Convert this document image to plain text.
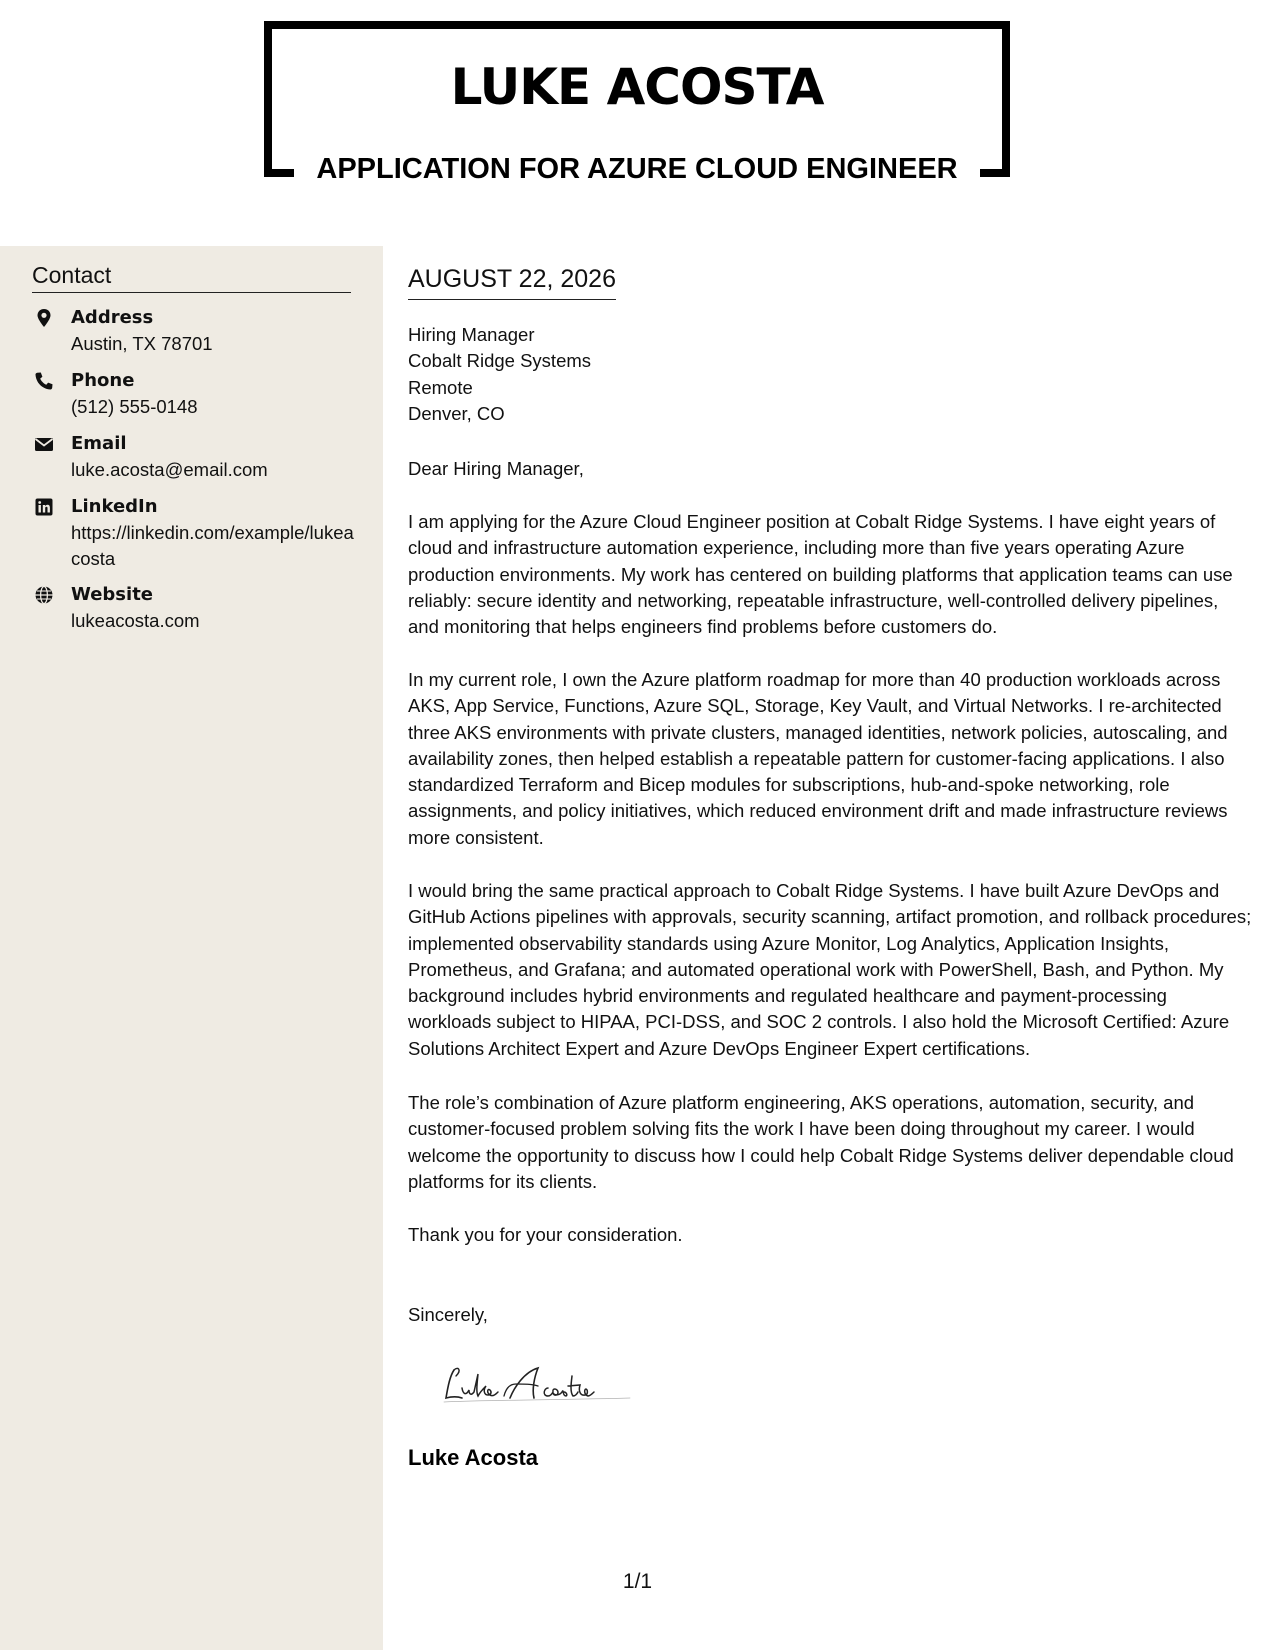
LUKE ACOSTA
APPLICATION FOR AZURE CLOUD ENGINEER
Contact
Address
Austin, TX 78701
Phone
(512) 555-0148
Email
luke.acosta@email.com
LinkedIn
https://linkedin.com/example/lukeacosta
Website
lukeacosta.com
AUGUST 22, 2026
Hiring Manager
Cobalt Ridge Systems
Remote
Denver, CO
Dear Hiring Manager,
I am applying for the Azure Cloud Engineer position at Cobalt Ridge Systems. I have eight years of cloud and infrastructure automation experience, including more than five years operating Azure production environments. My work has centered on building platforms that application teams can use reliably: secure identity and networking, repeatable infrastructure, well-controlled delivery pipelines, and monitoring that helps engineers find problems before customers do.
In my current role, I own the Azure platform roadmap for more than 40 production workloads across AKS, App Service, Functions, Azure SQL, Storage, Key Vault, and Virtual Networks. I re-architected three AKS environments with private clusters, managed identities, network policies, autoscaling, and availability zones, then helped establish a repeatable pattern for customer-facing applications. I also standardized Terraform and Bicep modules for subscriptions, hub-and-spoke networking, role assignments, and policy initiatives, which reduced environment drift and made infrastructure reviews more consistent.
I would bring the same practical approach to Cobalt Ridge Systems. I have built Azure DevOps and GitHub Actions pipelines with approvals, security scanning, artifact promotion, and rollback procedures; implemented observability standards using Azure Monitor, Log Analytics, Application Insights, Prometheus, and Grafana; and automated operational work with PowerShell, Bash, and Python. My background includes hybrid environments and regulated healthcare and payment-processing workloads subject to HIPAA, PCI-DSS, and SOC 2 controls. I also hold the Microsoft Certified: Azure Solutions Architect Expert and Azure DevOps Engineer Expert certifications.
The role’s combination of Azure platform engineering, AKS operations, automation, security, and customer-focused problem solving fits the work I have been doing throughout my career. I would welcome the opportunity to discuss how I could help Cobalt Ridge Systems deliver dependable cloud platforms for its clients.
Thank you for your consideration.
Sincerely,
Luke Acosta
1/1
